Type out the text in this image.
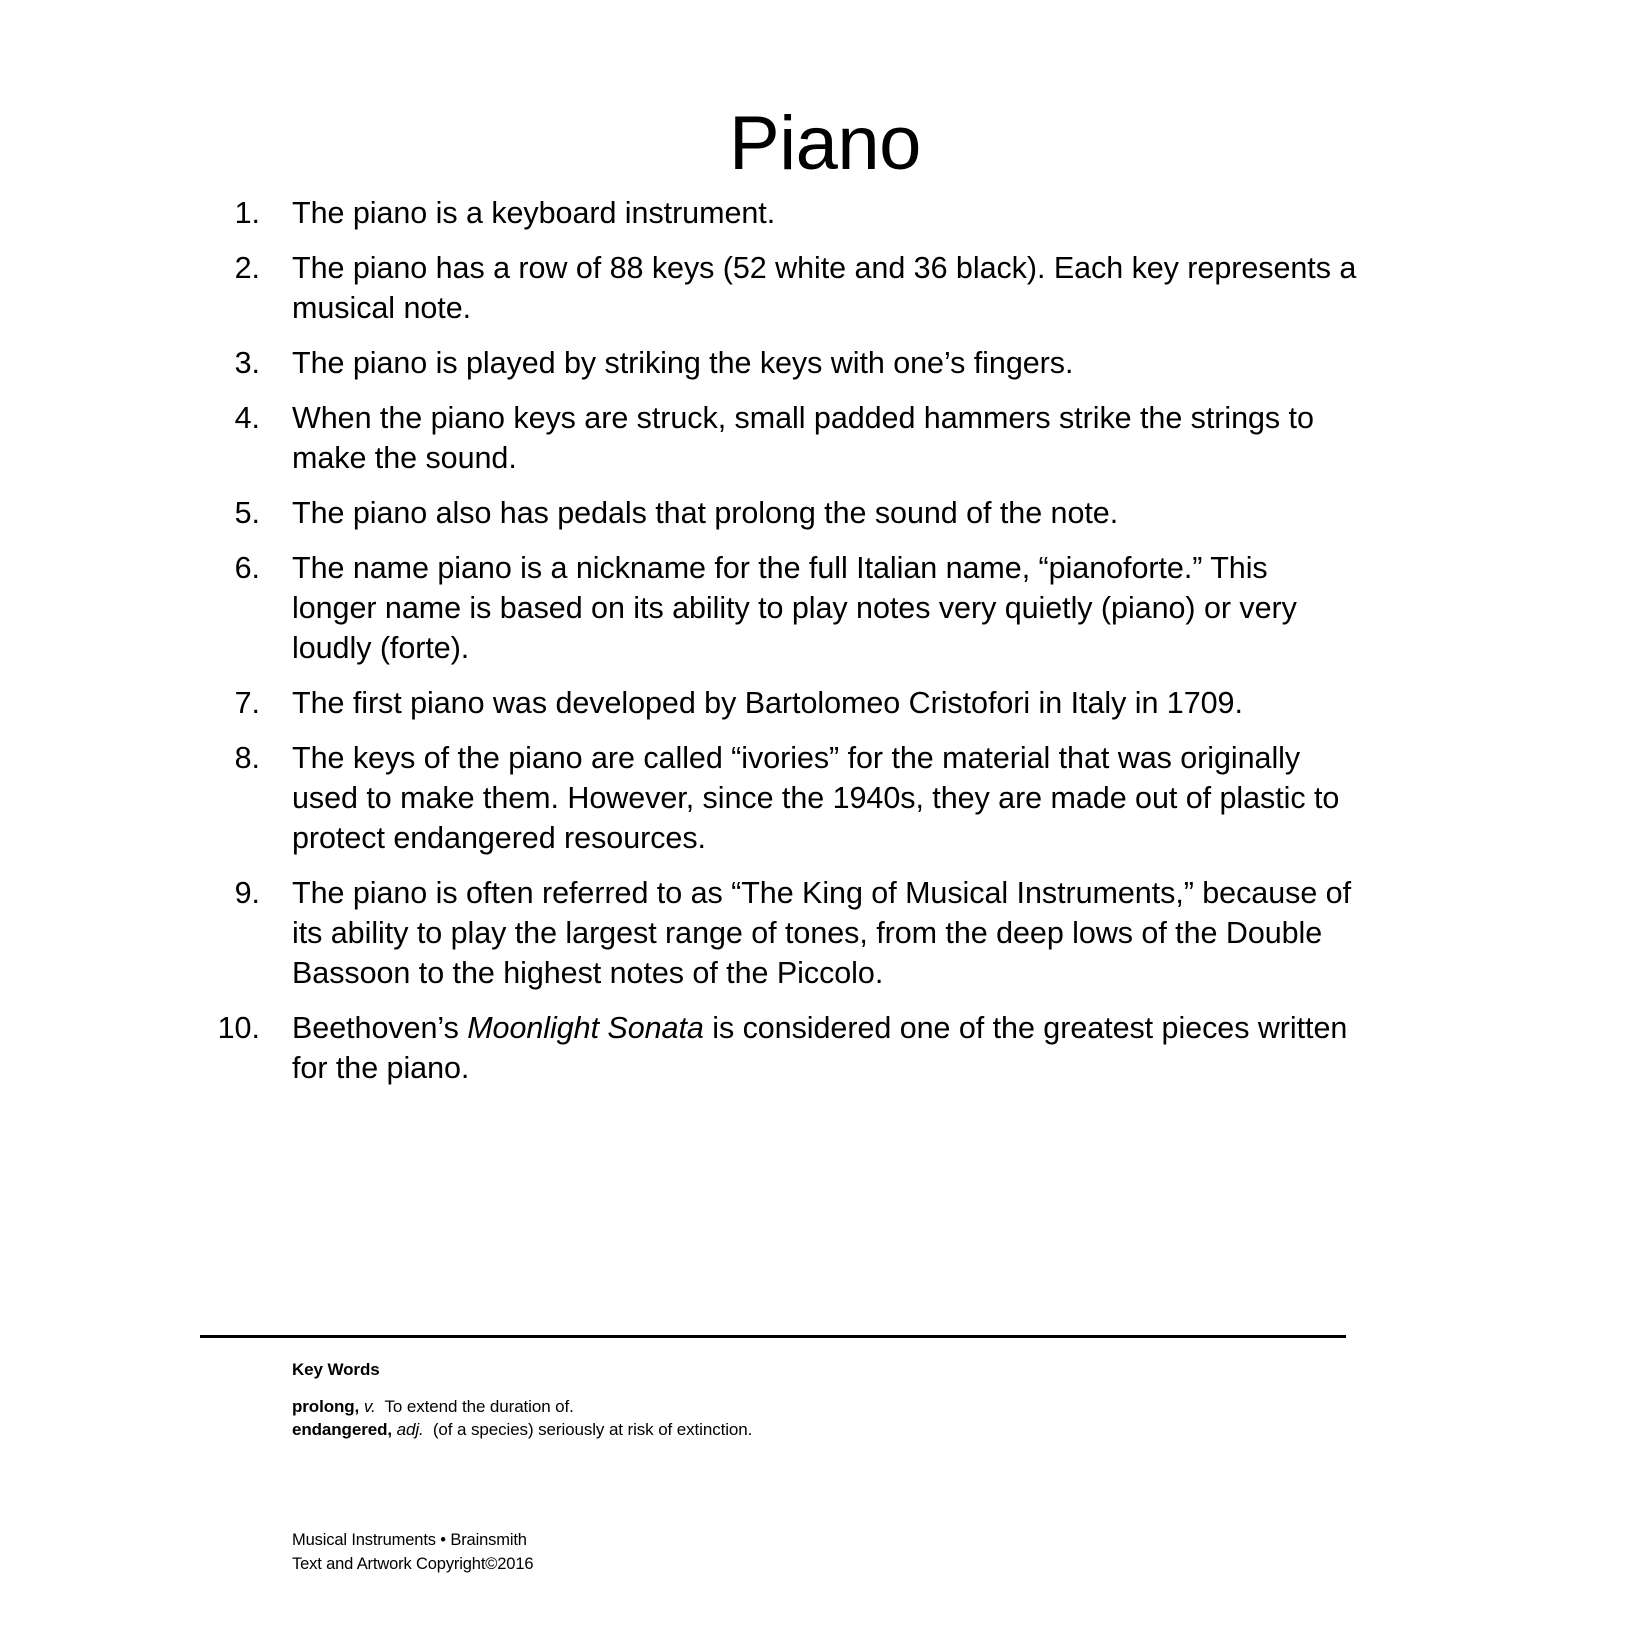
Piano
1.	The piano is a keyboard instrument.
2.	The piano has a row of 88 keys (52 white and 36 black). Each key represents a musical note.
3.	The piano is played by striking the keys with one’s fingers.
4.	When the piano keys are struck, small padded hammers strike the strings to make the sound.
5.	The piano also has pedals that prolong the sound of the note.
6.	The name piano is a nickname for the full Italian name, “pianoforte.” This longer name is based on its ability to play notes very quietly (piano) or very loudly (forte).
7.	The first piano was developed by Bartolomeo Cristofori in Italy in 1709.
8.	The keys of the piano are called “ivories” for the material that was originally used to make them. However, since the 1940s, they are made out of plastic to protect endangered resources.
9.	The piano is often referred to as “The King of Musical Instruments,” because of its ability to play the largest range of tones, from the deep lows of the Double Bassoon to the highest notes of the Piccolo.
10.	Beethoven’s Moonlight Sonata is considered one of the greatest pieces written for the piano.
Key Words
prolong, v. To extend the duration of.
endangered, adj. (of a species) seriously at risk of extinction.
Musical Instruments • Brainsmith
Text and Artwork Copyright©2016
